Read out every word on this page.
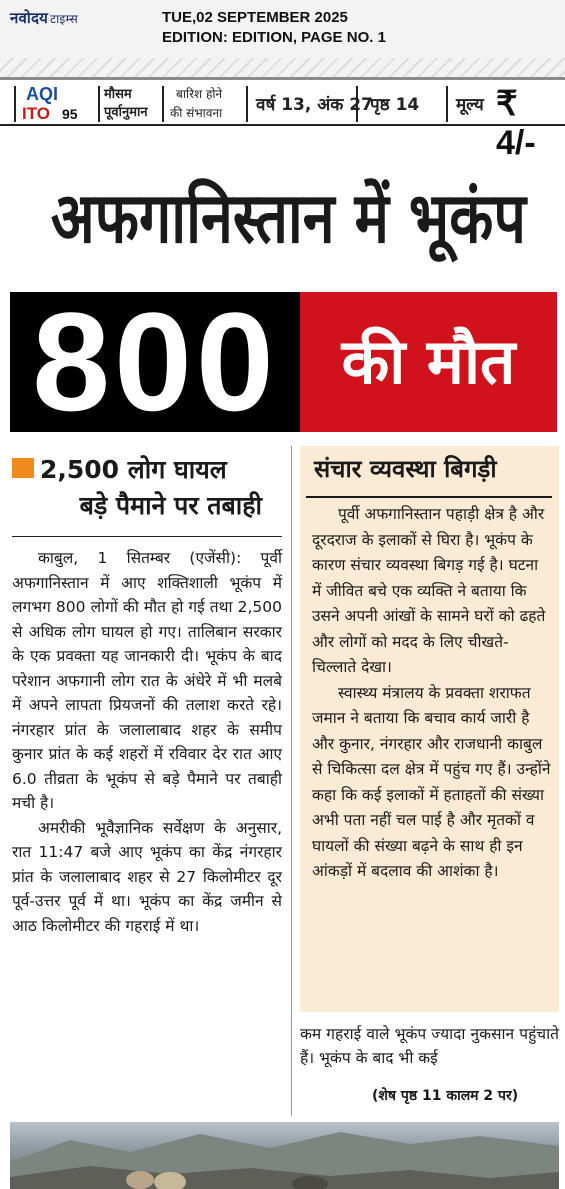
नवोदय टाइम्स	TUE,02 SEPTEMBER 2025
EDITION: EDITION, PAGE NO. 1
AQI
ITO 95
मौसम
पूर्वानुमान
बारिश होने
की संभावना वर्ष 13, अंक 27
पृष्ठ 14 मूल्य ₹ 4/-
अफगानिस्तान में भूकंप
800	की मौत
2,500 लोग घायल
बड़े पैमाने पर तबाही

काबुल, 1 सितम्बर (एजेंसी): पूर्वी अफगानिस्तान में आए शक्तिशाली भूकंप में लगभग 800 लोगों की मौत हो गई तथा 2,500 से अधिक लोग घायल हो गए। तालिबान सरकार के एक प्रवक्ता यह जानकारी दी। भूकंप के बाद परेशान अफगानी लोग रात के अंधेरे में भी मलबे में अपने लापता प्रियजनों की तलाश करते रहे। नंगरहार प्रांत के जलालाबाद शहर के समीप कुनार प्रांत के कई शहरों में रविवार देर रात आए 6.0 तीव्रता के भूकंप से बड़े पैमाने पर तबाही मची है।

अमरीकी भूवैज्ञानिक सर्वेक्षण के अनुसार, रात 11:47 बजे आए भूकंप का केंद्र नंगरहार प्रांत के जलालाबाद शहर से 27 किलोमीटर दूर पूर्व-उत्तर पूर्व में था। भूकंप का केंद्र जमीन से आठ किलोमीटर की गहराई में था।

संचार व्यवस्था बिगड़ी

पूर्वी अफगानिस्तान पहाड़ी क्षेत्र है और दूरदराज के इलाकों से घिरा है। भूकंप के कारण संचार व्यवस्था बिगड़ गई है। घटना में जीवित बचे एक व्यक्ति ने बताया कि उसने अपनी आंखों के सामने घरों को ढहते और लोगों को मदद के लिए चीखते-चिल्लाते देखा।

स्वास्थ्य मंत्रालय के प्रवक्ता शराफत जमान ने बताया कि बचाव कार्य जारी है और कुनार, नंगरहार और राजधानी काबुल से चिकित्सा दल क्षेत्र में पहुंच गए हैं। उन्होंने कहा कि कई इलाकों में हताहतों की संख्या अभी पता नहीं चल पाई है और मृतकों व घायलों की संख्या बढ़ने के साथ ही इन आंकड़ों में बदलाव की आशंका है।

कम गहराई वाले भूकंप ज्यादा नुकसान पहुंचाते हैं। भूकंप के बाद भी कई
(शेष पृष्ठ 11 कालम 2 पर)
